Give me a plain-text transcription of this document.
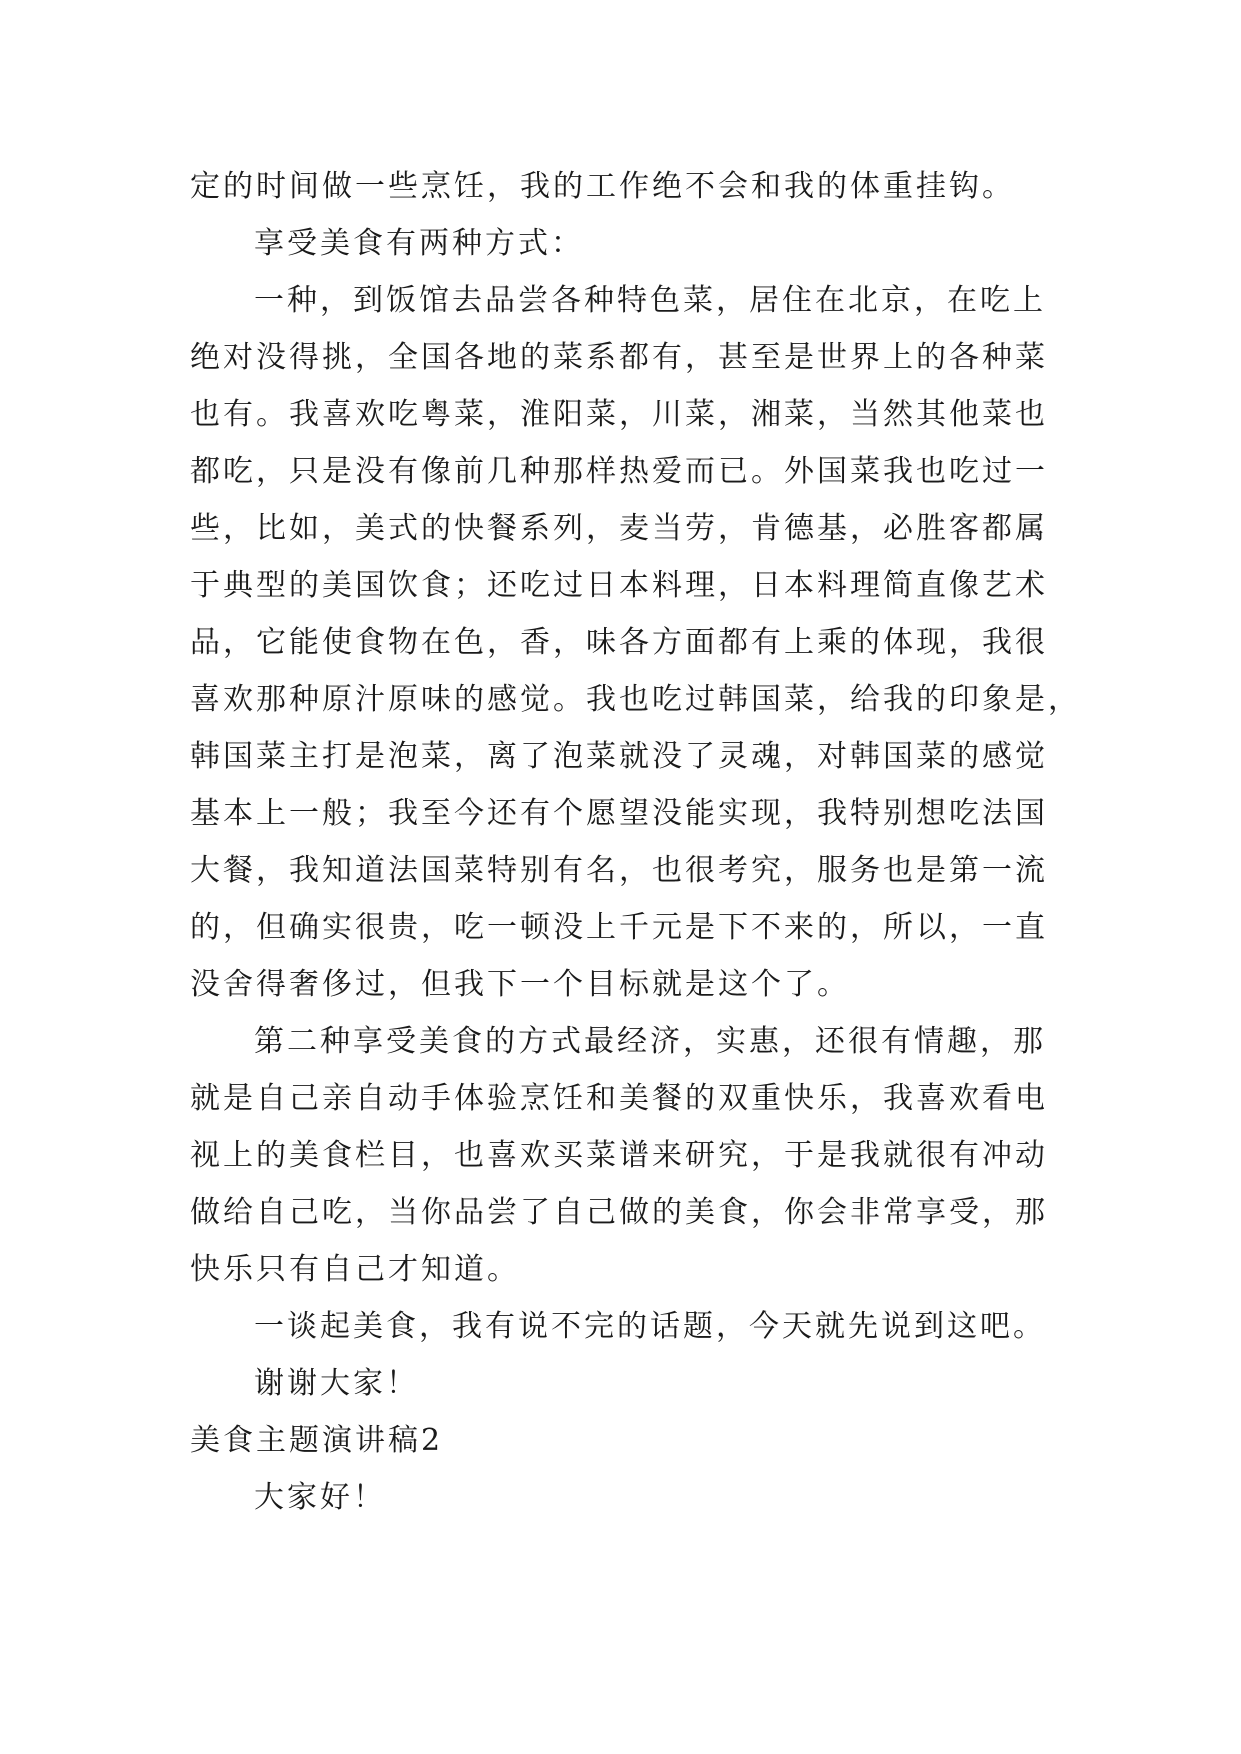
定的时间做一些烹饪，我的工作绝不会和我的体重挂钩。
享受美食有两种方式：
一种，到饭馆去品尝各种特色菜，居住在北京，在吃上
绝对没得挑，全国各地的菜系都有，甚至是世界上的各种菜
也有。我喜欢吃粤菜，淮阳菜，川菜，湘菜，当然其他菜也
都吃，只是没有像前几种那样热爱而已。外国菜我也吃过一
些，比如，美式的快餐系列，麦当劳，肯德基，必胜客都属
于典型的美国饮食；还吃过日本料理，日本料理简直像艺术
品，它能使食物在色，香，味各方面都有上乘的体现，我很
喜欢那种原汁原味的感觉。我也吃过韩国菜，给我的印象是，
韩国菜主打是泡菜，离了泡菜就没了灵魂，对韩国菜的感觉
基本上一般；我至今还有个愿望没能实现，我特别想吃法国
大餐，我知道法国菜特别有名，也很考究，服务也是第一流
的，但确实很贵，吃一顿没上千元是下不来的，所以，一直
没舍得奢侈过，但我下一个目标就是这个了。
第二种享受美食的方式最经济，实惠，还很有情趣，那
就是自己亲自动手体验烹饪和美餐的双重快乐，我喜欢看电
视上的美食栏目，也喜欢买菜谱来研究，于是我就很有冲动
做给自己吃，当你品尝了自己做的美食，你会非常享受，那
快乐只有自己才知道。
一谈起美食，我有说不完的话题，今天就先说到这吧。
谢谢大家！
美食主题演讲稿2
大家好！
